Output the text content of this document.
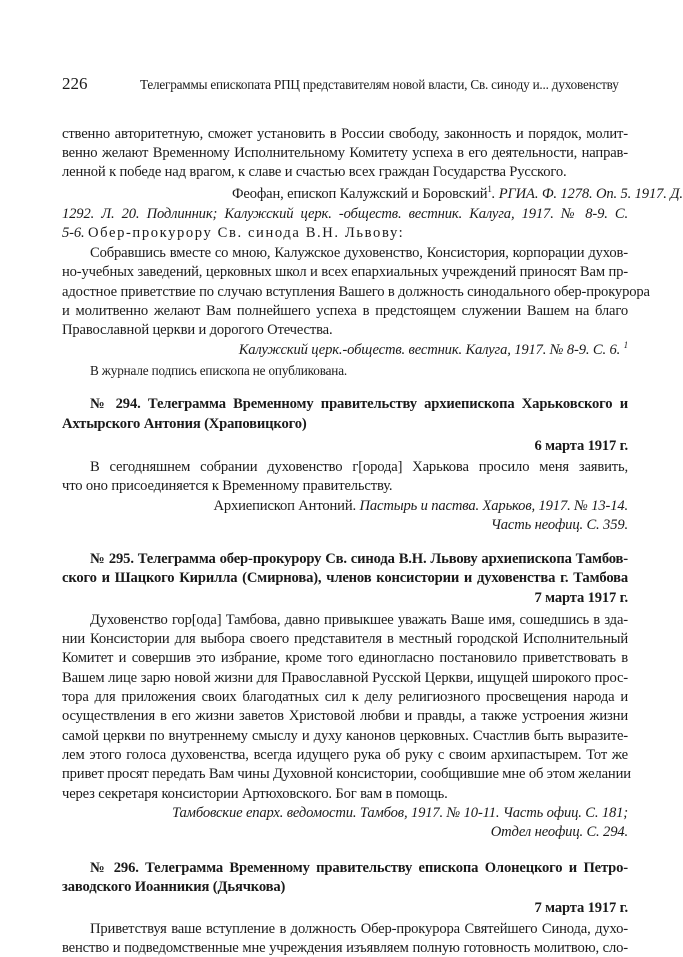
226	Телеграммы епископата РПЦ представителям новой власти, Св. синоду и... духовенству
ственно авторитетную, сможет установить в России свободу, законность и порядок, молит-
венно желают Временному Исполнительному Комитету успеха в его деятельности, направ-
ленной к победе над врагом, к славе и счастью всех граждан Государства Русского.
Феофан, епископ Калужский и Боровский$^1$. РГИА. Ф. 1278. Оп. 5. 1917. Д.
1292. Л. 20. Подлинник; Калужский церк. -обществ. вестник. Калуга, 1917. № 8-9. С.
5-6. Обер-прокурору Св. синода В.Н. Львову:
Собравшись вместе со мною, Калужское духовенство, Консистория, корпорации духов-
но-учебных заведений, церковных школ и всех епархиальных учреждений приносят Вам пр-
адостное приветствие по случаю вступления Вашего в должность синодального обер-прокурора
и молитвенно желают Вам полнейшего успеха в предстоящем служении Вашем на благо
Православной церкви и дорогого Отечества.
Калужский церк.-обществ. вестник. Калуга, 1917. № 8-9. С. 6. $^1$
В журнале подпись епископа не опубликована.
№ 294. Телеграмма Временному правительству архиепископа Харьковского и
Ахтырского Антония (Храповицкого)
6 марта 1917 г.
В сегодняшнем собрании духовенство г[орода] Харькова просило меня заявить,
что оно присоединяется к Временному правительству.
Архиепископ Антоний. Пастырь и паства. Харьков, 1917. № 13-14.
Часть неофиц. С. 359.
№ 295. Телеграмма обер-прокурору Св. синода В.Н. Львову архиепископа Тамбов-
ского и Шацкого Кирилла (Смирнова), членов консистории и духовенства г. Тамбова
7 марта 1917 г.
Духовенство гор[ода] Тамбова, давно привыкшее уважать Ваше имя, сошедшись в зда-
нии Консистории для выбора своего представителя в местный городской Исполнительный
Комитет и совершив это избрание, кроме того единогласно постановило приветствовать в
Вашем лице зарю новой жизни для Православной Русской Церкви, ищущей широкого прос-
тора для приложения своих благодатных сил к делу религиозного просвещения народа и
осуществления в его жизни заветов Христовой любви и правды, а также устроения жизни
самой церкви по внутреннему смыслу и духу канонов церковных. Счастлив быть выразите-
лем этого голоса духовенства, всегда идущего рука об руку с своим архипастырем. Тот же
привет просят передать Вам чины Духовной консистории, сообщившие мне об этом желании
через секретаря консистории Артюховского. Бог вам в помощь.
Тамбовские епарх. ведомости. Тамбов, 1917. № 10-11. Часть офиц. С. 181;
Отдел неофиц. С. 294.
№ 296. Телеграмма Временному правительству епископа Олонецкого и Петро-
заводского Иоанникия (Дьячкова)
7 марта 1917 г.
Приветствуя ваше вступление в должность Обер-прокурора Святейшего Синода, духо-
венство и подведомственные мне учреждения изъявляем полную готовность молитвою, сло-
